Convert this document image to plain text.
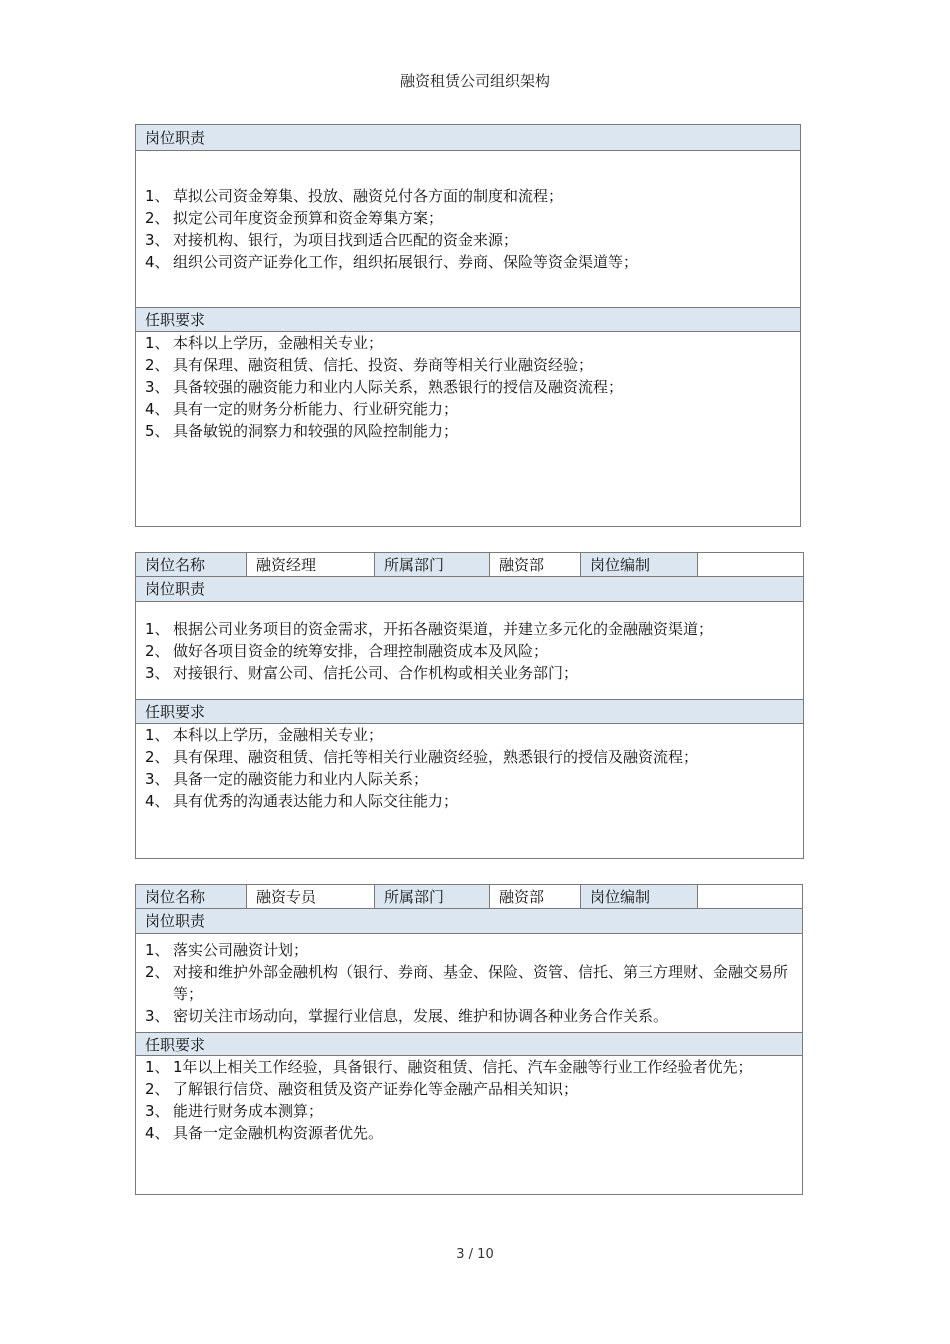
融资租赁公司组织架构
岗位职责
1、 草拟公司资金筹集、投放、融资兑付各方面的制度和流程；
2、 拟定公司年度资金预算和资金筹集方案；
3、 对接机构、银行，为项目找到适合匹配的资金来源；
4、 组织公司资产证券化工作，组织拓展银行、券商、保险等资金渠道等；
任职要求
1、 本科以上学历，金融相关专业；
2、 具有保理、融资租赁、信托、投资、券商等相关行业融资经验；
3、 具备较强的融资能力和业内人际关系，熟悉银行的授信及融资流程；
4、 具有一定的财务分析能力、行业研究能力；
5、 具备敏锐的洞察力和较强的风险控制能力；
岗位名称	融资经理	所属部门	融资部	岗位编制
岗位职责
1、 根据公司业务项目的资金需求，开拓各融资渠道，并建立多元化的金融融资渠道；
2、 做好各项目资金的统筹安排，合理控制融资成本及风险；
3、 对接银行、财富公司、信托公司、合作机构或相关业务部门；
任职要求
1、 本科以上学历，金融相关专业；
2、 具有保理、融资租赁、信托等相关行业融资经验，熟悉银行的授信及融资流程；
3、 具备一定的融资能力和业内人际关系；
4、 具有优秀的沟通表达能力和人际交往能力；
岗位名称	融资专员	所属部门	融资部	岗位编制
岗位职责
1、 落实公司融资计划；
2、 对接和维护外部金融机构（银行、券商、基金、保险、资管、信托、第三方理财、金融交易所等；
3、 密切关注市场动向，掌握行业信息，发展、维护和协调各种业务合作关系。
任职要求
1、 1年以上相关工作经验，具备银行、融资租赁、信托、汽车金融等行业工作经验者优先；
2、 了解银行信贷、融资租赁及资产证券化等金融产品相关知识；
3、 能进行财务成本测算；
4、 具备一定金融机构资源者优先。
3 / 10
